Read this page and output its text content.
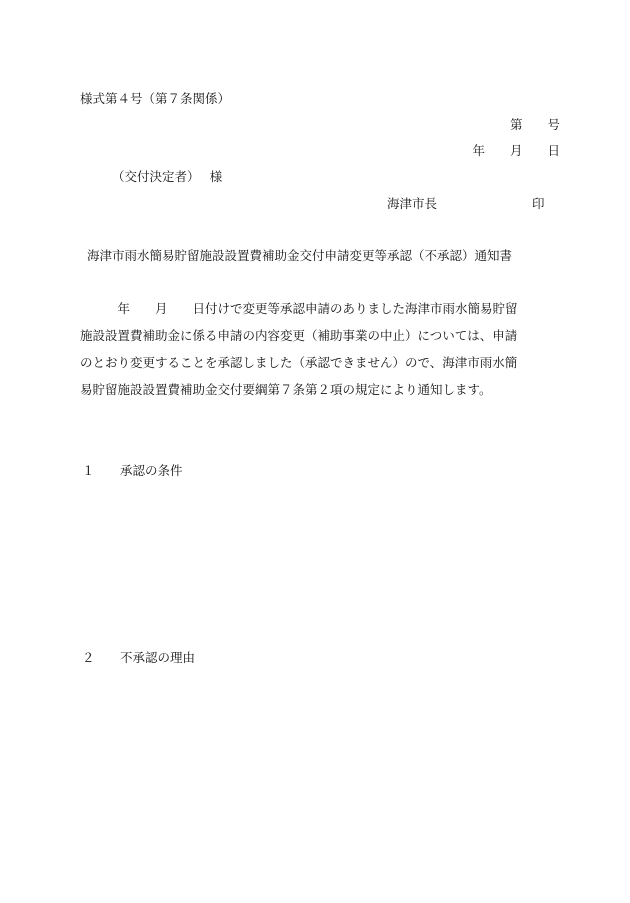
様式第４号（第７条関係）
第　　号
年　　月　　日
（交付決定者）　 様
海津市長	印
海津市雨水簡易貯留施設設置費補助金交付申請変更等承認（不承認）通知書
　　　年　　月　　日付けで変更等承認申請のありました海津市雨水簡易貯留
施設設置費補助金に係る申請の内容変更（補助事業の中止）については、申請
のとおり変更することを承認しました（承認できません）ので、海津市雨水簡
易貯留施設設置費補助金交付要綱第７条第２項の規定により通知します。
１ 承認の条件
２ 不承認の理由
